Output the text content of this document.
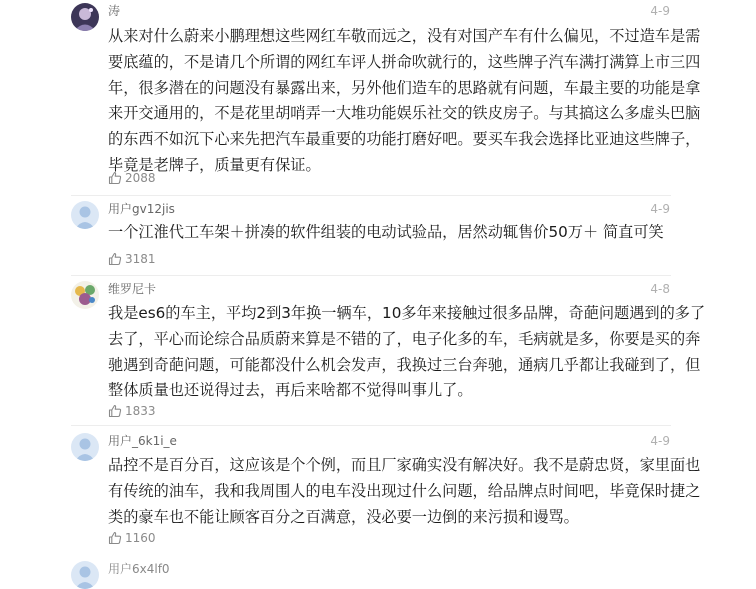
涛	4-9
从来对什么蔚来小鹏理想这些网红车敬而远之，没有对国产车有什么偏见，不过造车是需
要底蕴的，不是请几个所谓的网红车评人拼命吹就行的，这些牌子汽车满打满算上市三四
年，很多潜在的问题没有暴露出来，另外他们造车的思路就有问题，车最主要的功能是拿
来开交通用的，不是花里胡哨弄一大堆功能娱乐社交的铁皮房子。与其搞这么多虚头巴脑
的东西不如沉下心来先把汽车最重要的功能打磨好吧。要买车我会选择比亚迪这些牌子，
毕竟是老牌子，质量更有保证。
2088
用户gv12jis	4-9
一个江淮代工车架＋拼凑的软件组装的电动试验品，居然动辄售价50万＋ 简直可笑
3181
维罗尼卡	4-8
我是es6的车主，平均2到3年换一辆车，10多年来接触过很多品牌，奇葩问题遇到的多了
去了，平心而论综合品质蔚来算是不错的了，电子化多的车，毛病就是多，你要是买的奔
驰遇到奇葩问题，可能都没什么机会发声，我换过三台奔驰，通病几乎都让我碰到了，但
整体质量也还说得过去，再后来啥都不觉得叫事儿了。
1833
用户_6k1i_e	4-9
品控不是百分百，这应该是个个例，而且厂家确实没有解决好。我不是蔚忠贤，家里面也
有传统的油车，我和我周围人的电车没出现过什么问题，给品牌点时间吧，毕竟保时捷之
类的豪车也不能让顾客百分之百满意，没必要一边倒的来污损和谩骂。
1160
用户6x4lf0
